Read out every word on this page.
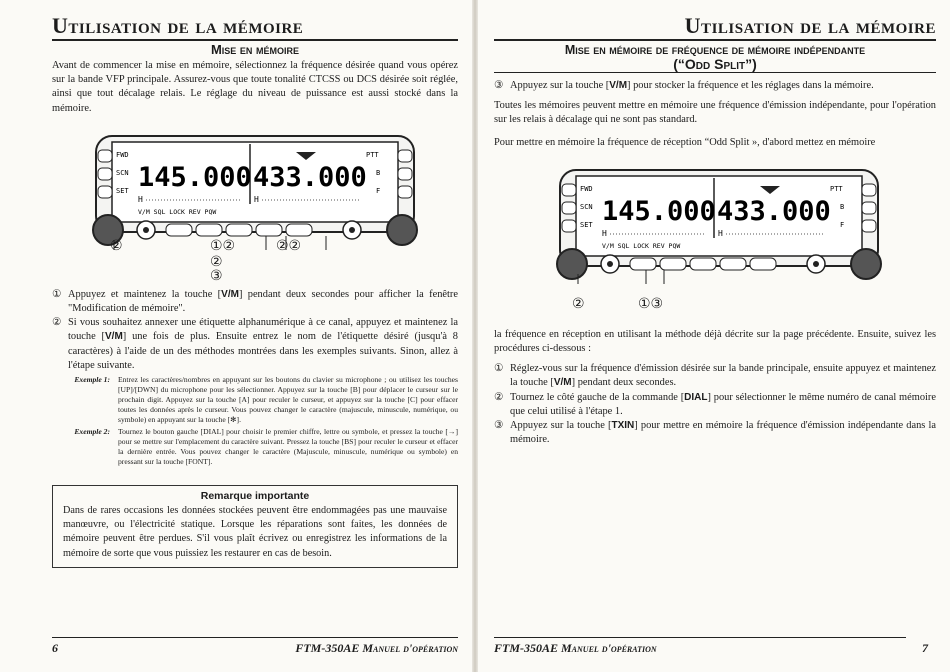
Utilisation de la mémoire
Mise en mémoire

Avant de commencer la mise en mémoire, sélectionnez la fréquence désirée quand vous opérez sur la bande VFP principale. Assurez-vous que toute tonalité CTCSS ou DCS désirée soit réglée, ainsi que tout décalage relais. Le réglage du niveau de puissance est aussi stocké dans la mémoire.

FWD
SCN
SET
PTT
B
F
145.000 433.000
H	H
V/M SQL LOCK REV PQW
②	①②	②②
②
③
① Appuyez et maintenez la touche [V/M] pendant deux secondes pour afficher la fenêtre "Modification de mémoire".
② Si vous souhaitez annexer une étiquette alphanumérique à ce canal, appuyez et maintenez la touche [V/M] une fois de plus. Ensuite entrez le nom de l'étiquette désiré (jusqu'à 8 caractères) à l'aide de un des méthodes montrées dans les exemples suivants. Sinon, allez à l'étape suivante.
Exemple 1:	Entrez les caractères/nombres en appuyant sur les boutons du clavier su microphone ; ou utilisez les touches [UP]/[DWN] du microphone pour les sélectionner. Appuyez sur la touche [B] pour déplacer le curseur sur le prochain digit. Appuyez sur la touche [A] pour reculer le curseur, et appuyez sur la touche [C] pour effacer toutes les données après le curseur. Vous pouvez changer le caractère (majuscule, minuscule, numérique, ou symbole) en appuyant sur la touche [✻].
Exemple 2:	Tournez le bouton gauche [DIAL] pour choisir le premier chiffre, lettre ou symbole, et pressez la touche [→] pour se mettre sur l'emplacement du caractère suivant. Pressez la touche [BS] pour reculer le curseur et effacer la dernière entrée. Vous pouvez changer le caractère (Majuscule, minuscule, numérique ou symbole) en pressant sur la touche [FONT].
Remarque importante
Dans de rares occasions les données stockées peuvent être endommagées pas une mauvaise manœuvre, ou l'électricité statique. Lorsque les réparations sont faites, les données de mémoire peuvent être perdues. S'il vous plaît écrivez ou enregistrez les informations de la mémoire de sorte que vous puissiez les restaurer en cas de besoin.
6	FTM-350AE Manuel d'opération
Utilisation de la mémoire
Mise en mémoire de fréquence de mémoire indépendante
(“Odd Split”)
③ Appuyez sur la touche [V/M] pour stocker la fréquence et les réglages dans la mémoire.

Toutes les mémoires peuvent mettre en mémoire une fréquence d'émission indépendante, pour l'opération sur les relais à décalage qui ne sont pas standard.

Pour mettre en mémoire la fréquence de réception “Odd Split », d'abord mettez en mémoire

FWD
SCN
SET
PTT
B
F
145.000 433.000
H	H
V/M SQL LOCK REV PQW
②	①③

la fréquence en réception en utilisant la méthode déjà décrite sur la page précédente. Ensuite, suivez les procédures ci-dessous :

① Réglez-vous sur la fréquence d'émission désirée sur la bande principale, ensuite appuyez et maintenez la touche [V/M] pendant deux secondes.
② Tournez le côté gauche de la commande [DIAL] pour sélectionner le même numéro de canal mémoire que celui utilisé à l'étape 1.
③ Appuyez sur la touche [TXIN] pour mettre en mémoire la fréquence d'émission indépendante dans la mémoire.
FTM-350AE Manuel d'opération	7
